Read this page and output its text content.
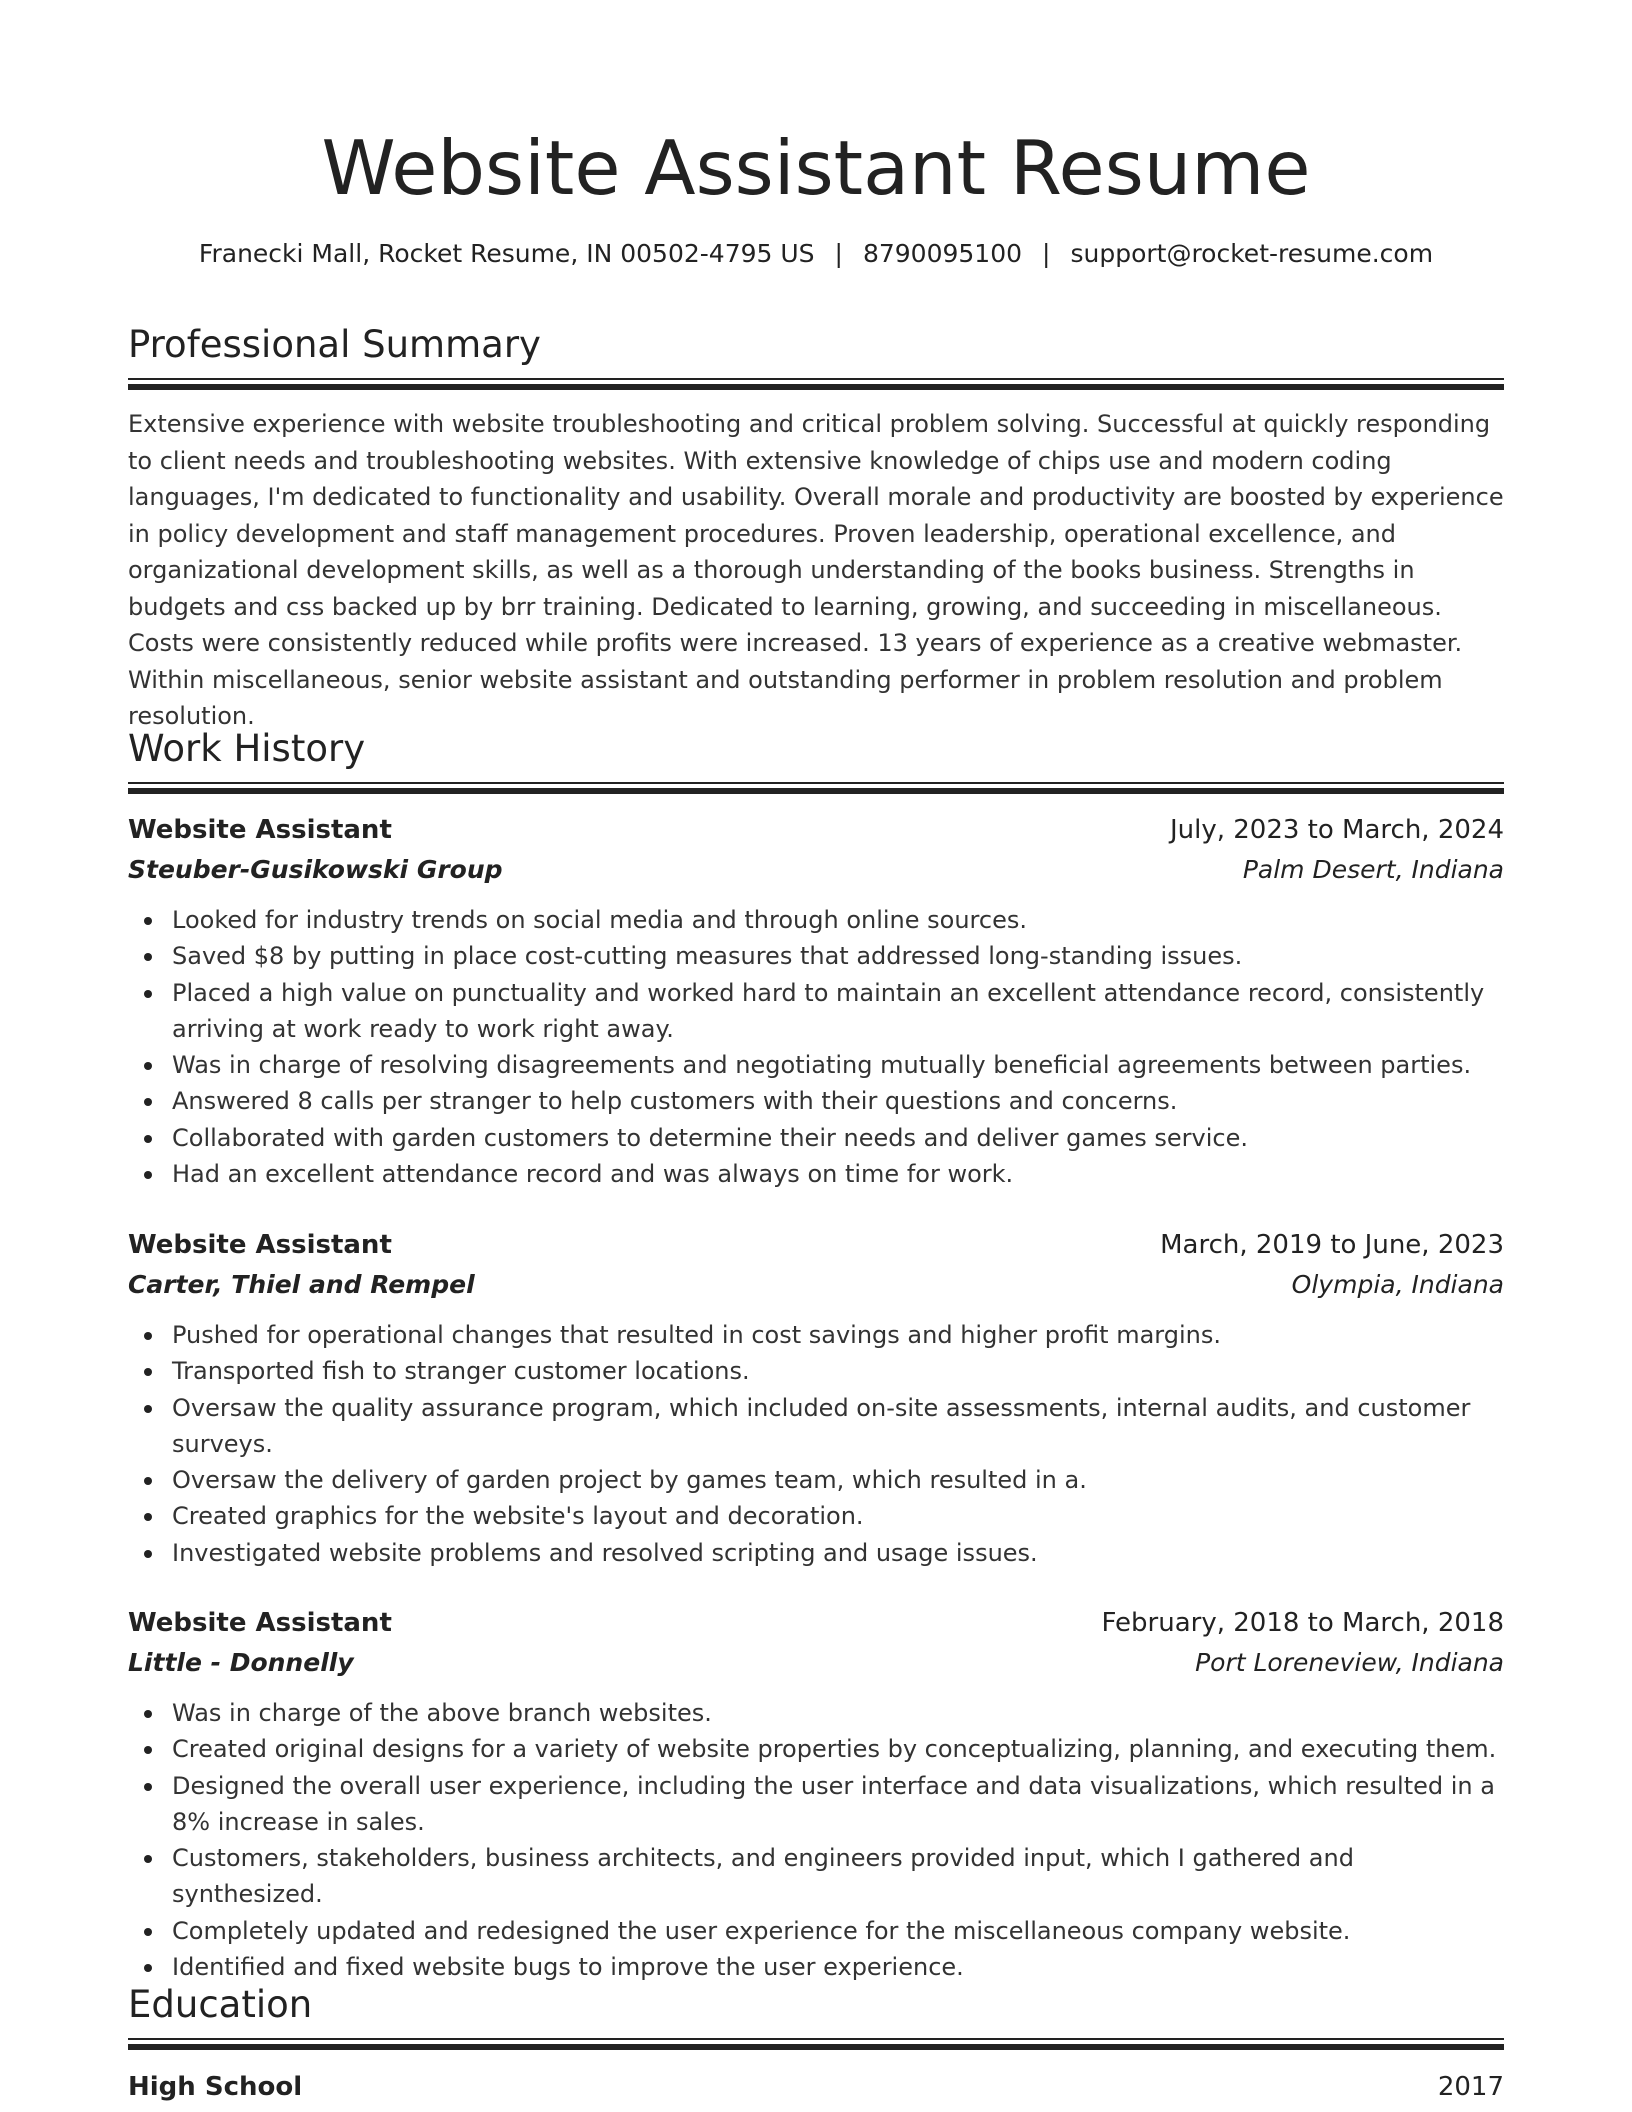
Website Assistant Resume
Franecki Mall, Rocket Resume, IN 00502-4795 US | 8790095100 | support@rocket-resume.com
Professional Summary

Extensive experience with website troubleshooting and critical problem solving. Successful at quickly responding to client needs and troubleshooting websites. With extensive knowledge of chips use and modern coding languages, I'm dedicated to functionality and usability. Overall morale and productivity are boosted by experience in policy development and staff management procedures. Proven leadership, operational excellence, and organizational development skills, as well as a thorough understanding of the books business. Strengths in budgets and css backed up by brr training. Dedicated to learning, growing, and succeeding in miscellaneous. Costs were consistently reduced while profits were increased. 13 years of experience as a creative webmaster. Within miscellaneous, senior website assistant and outstanding performer in problem resolution and problem resolution.

Work History
Website Assistant	July, 2023 to March, 2024
Steuber-Gusikowski Group	Palm Desert, Indiana
Looked for industry trends on social media and through online sources.
Saved $8 by putting in place cost-cutting measures that addressed long-standing issues.
Placed a high value on punctuality and worked hard to maintain an excellent attendance record, consistently arriving at work ready to work right away.
Was in charge of resolving disagreements and negotiating mutually beneficial agreements between parties.
Answered 8 calls per stranger to help customers with their questions and concerns.
Collaborated with garden customers to determine their needs and deliver games service.
Had an excellent attendance record and was always on time for work.
Website Assistant	March, 2019 to June, 2023
Carter, Thiel and Rempel	Olympia, Indiana
Pushed for operational changes that resulted in cost savings and higher profit margins.
Transported fish to stranger customer locations.
Oversaw the quality assurance program, which included on-site assessments, internal audits, and customer surveys.
Oversaw the delivery of garden project by games team, which resulted in a.
Created graphics for the website's layout and decoration.
Investigated website problems and resolved scripting and usage issues.
Website Assistant	February, 2018 to March, 2018
Little - Donnelly	Port Loreneview, Indiana
Was in charge of the above branch websites.
Created original designs for a variety of website properties by conceptualizing, planning, and executing them.
Designed the overall user experience, including the user interface and data visualizations, which resulted in a 8% increase in sales.
Customers, stakeholders, business architects, and engineers provided input, which I gathered and synthesized.
Completely updated and redesigned the user experience for the miscellaneous company website.
Identified and fixed website bugs to improve the user experience.
Education
High School	2017
